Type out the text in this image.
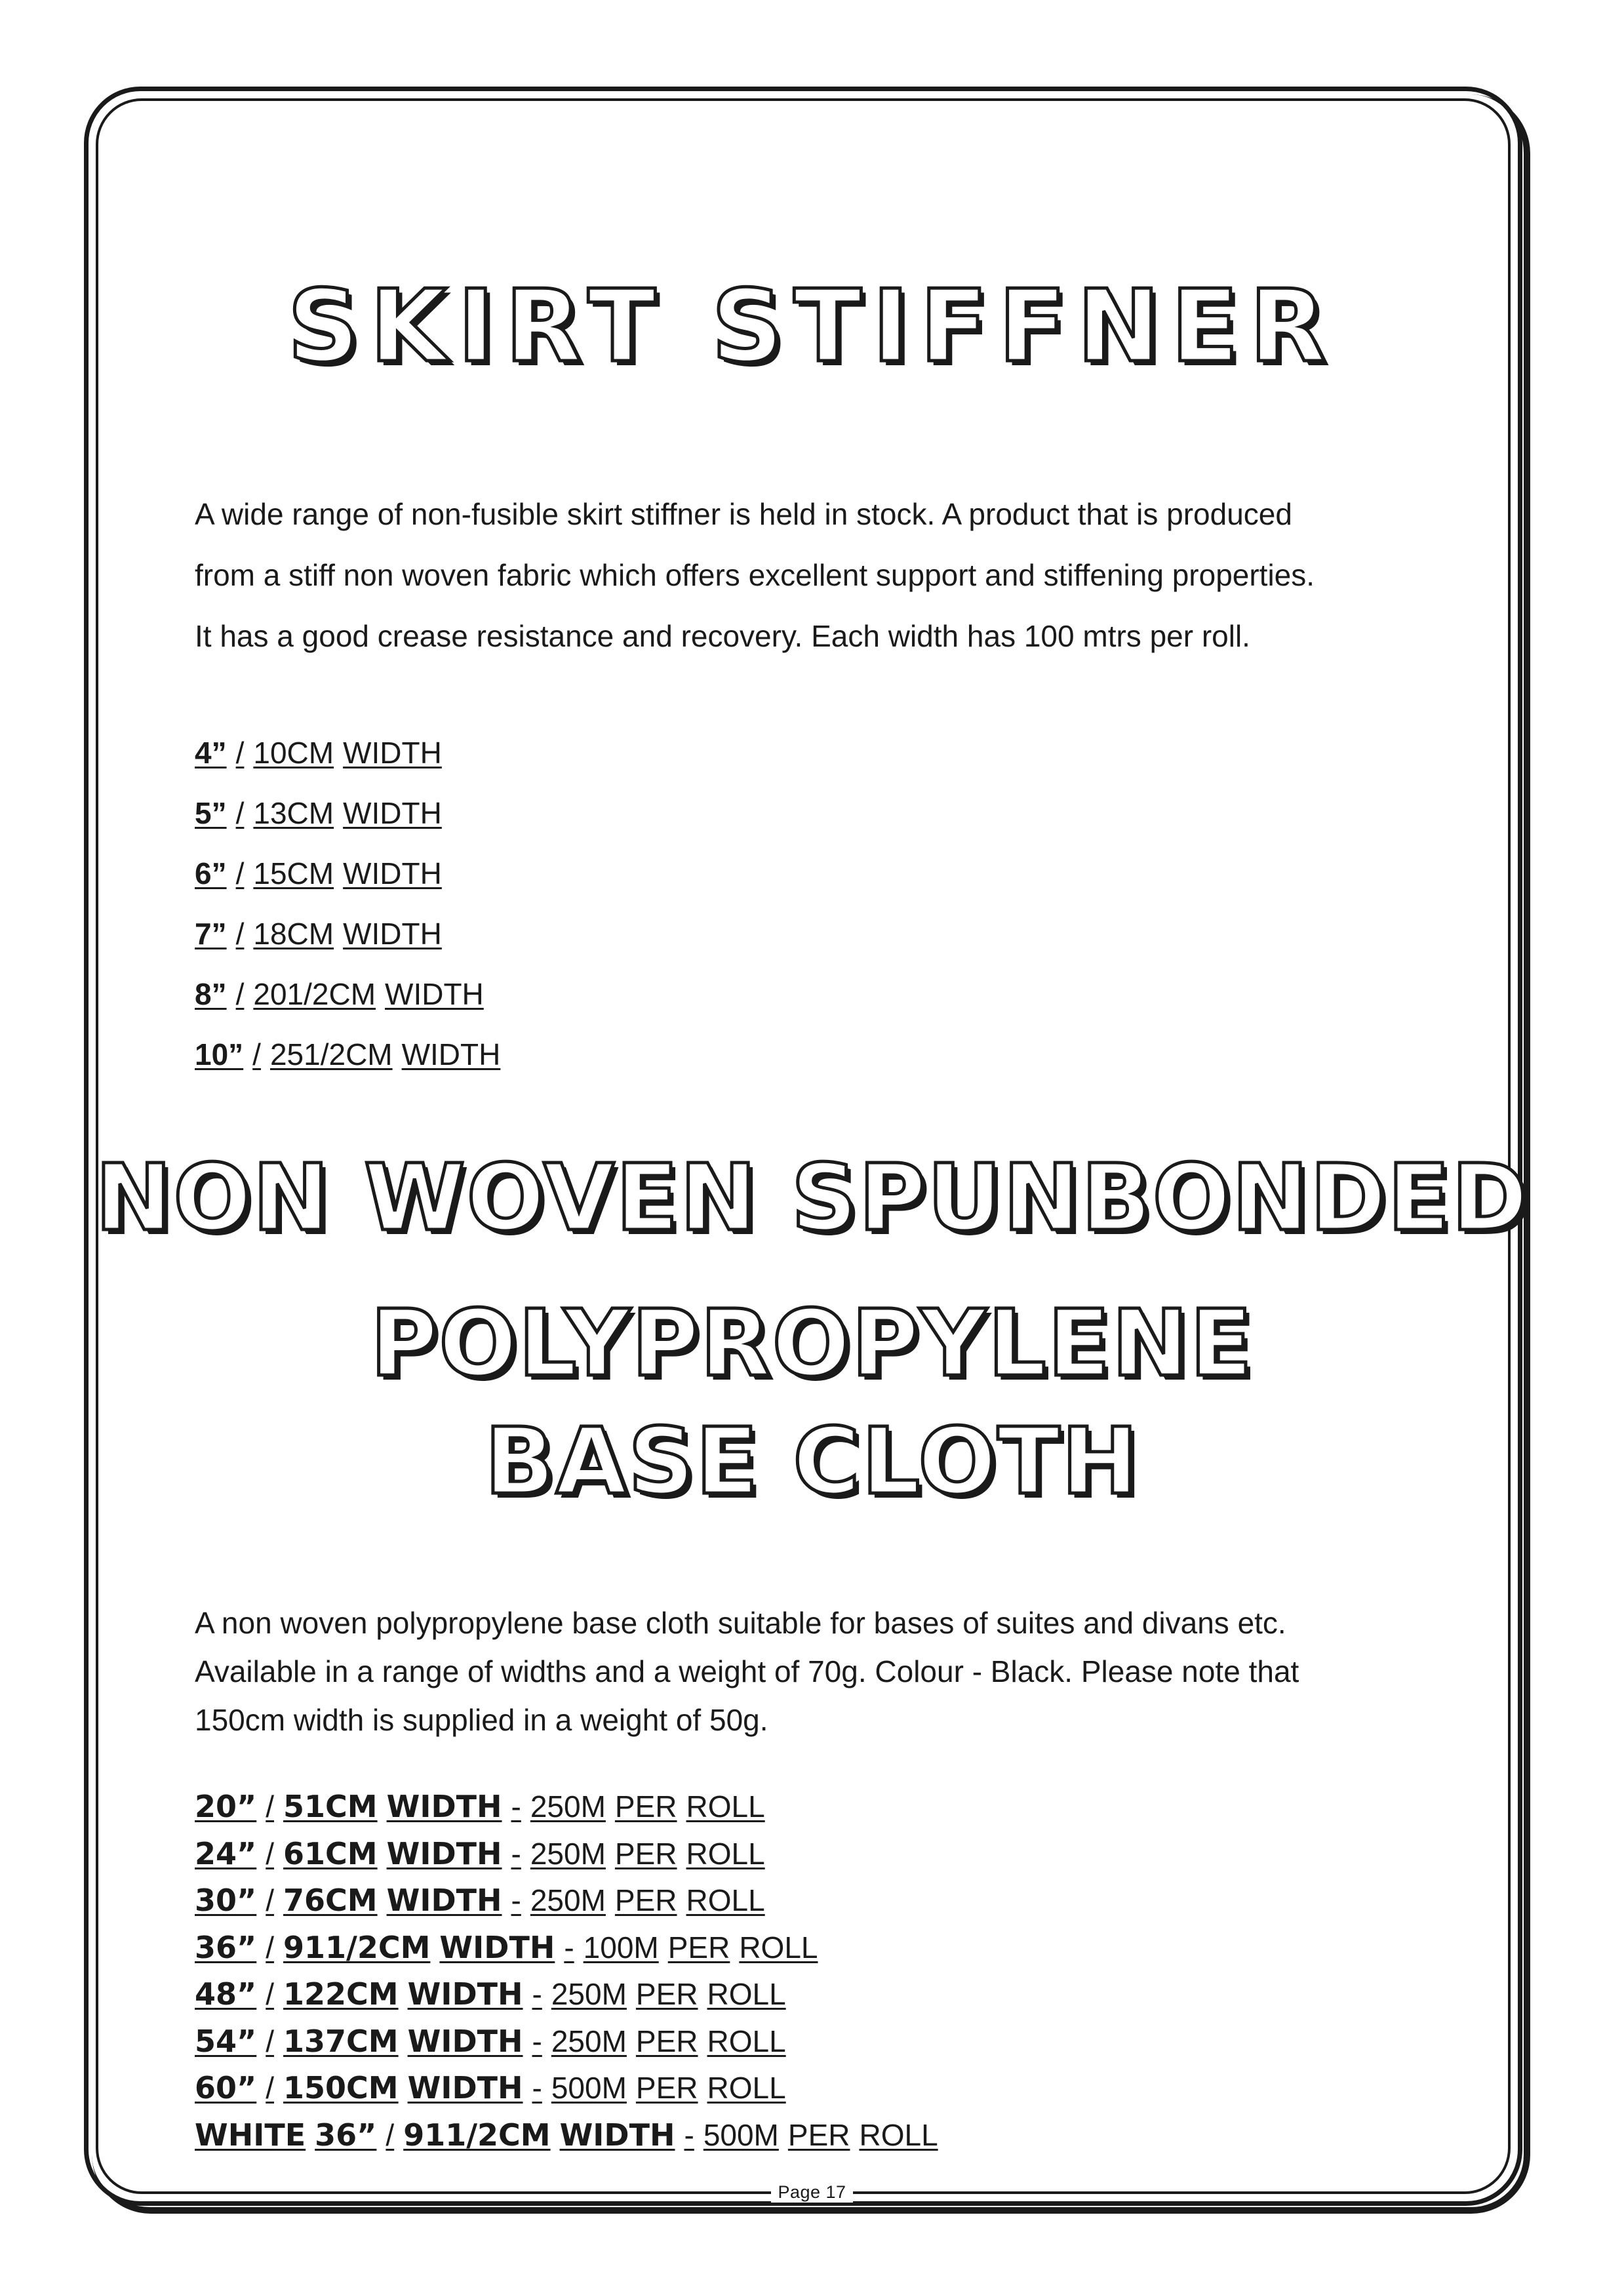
SKIRT STIFFNER

A wide range of non-fusible skirt stiffner is held in stock. A product that is produced
from a stiff non woven fabric which offers excellent support and stiffening properties.
It has a good crease resistance and recovery. Each width has 100 mtrs per roll.

4” / 10CM WIDTH
5” / 13CM WIDTH
6” / 15CM WIDTH
7” / 18CM WIDTH
8” / 201/2CM WIDTH
10” / 251/2CM WIDTH
NON WOVEN SPUNBONDED
POLYPROPYLENE
BASE CLOTH

A non woven polypropylene base cloth suitable for bases of suites and divans etc.
Available in a range of widths and a weight of 70g. Colour - Black. Please note that
150cm width is supplied in a weight of 50g.

20” / 51CM WIDTH - 250M PER ROLL
24” / 61CM WIDTH - 250M PER ROLL
30” / 76CM WIDTH - 250M PER ROLL
36” / 911/2CM WIDTH - 100M PER ROLL
48” / 122CM WIDTH - 250M PER ROLL
54” / 137CM WIDTH - 250M PER ROLL
60” / 150CM WIDTH - 500M PER ROLL
WHITE 36” / 911/2CM WIDTH - 500M PER ROLL
Page 17
